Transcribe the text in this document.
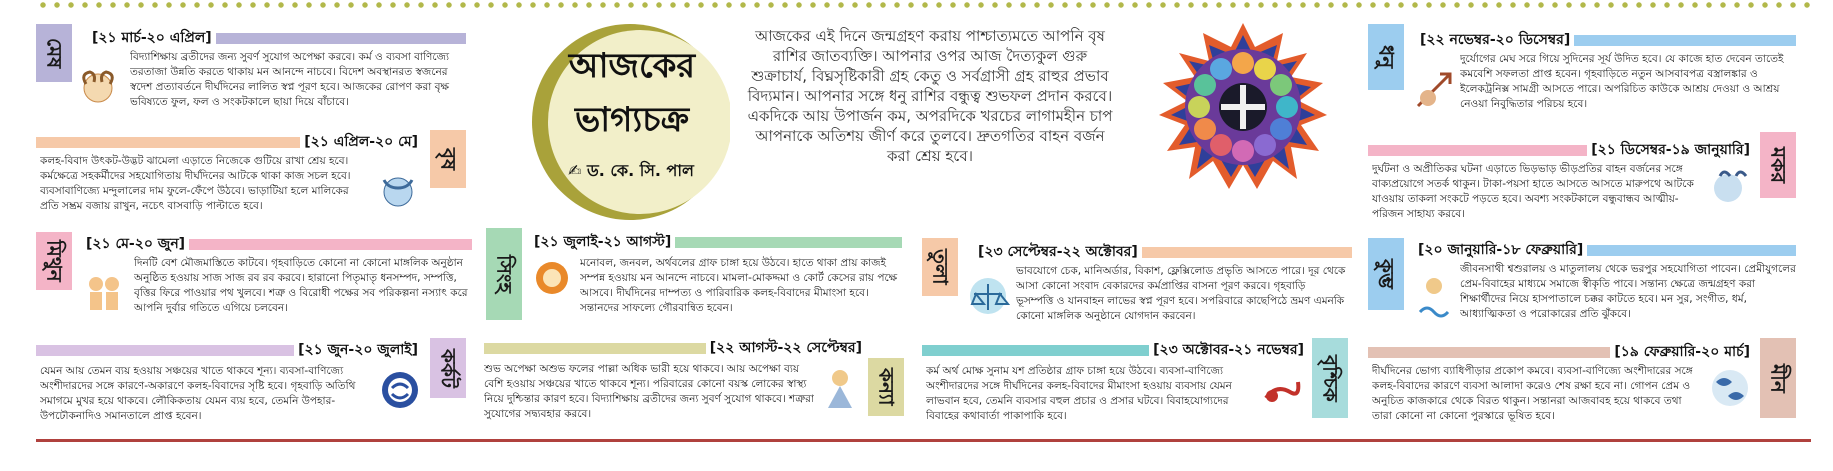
আজকের
ভাগ্যচক্র
✍ ড. কে. সি. পাল
আজকের এই দিনে জন্মগ্রহণ করায় পাশ্চাত্যমতে আপনি বৃষ রাশির জাতব্যক্তি। আপনার ওপর আজ দৈত্যকুল গুরু শুক্রাচার্য, বিঘ্নসৃষ্টিকারী গ্রহ কেতু ও সর্বগ্রাসী গ্রহ রাহুর প্রভাব বিদ্যমান। আপনার সঙ্গে ধনু রাশির বন্ধুত্ব শুভফল প্রদান করবে। একদিকে আয় উপার্জন কম, অপরদিকে খরচের লাগামহীন চাপ আপনাকে অতিশয় জীর্ণ করে তুলবে। দ্রুতগতির বাহন বর্জন করা শ্রেয় হবে।
মেষ [২১ মার্চ-২০ এপ্রিল]
বিদ্যাশিক্ষায় ব্রতীদের জন্য সুবর্ণ সুযোগ অপেক্ষা করবে। কর্ম ও ব্যবসা বাণিজ্যে তরতাজা উন্নতি করতে থাকায় মন আনন্দে নাচবে। বিদেশ অবস্থানরত স্বজনের স্বদেশ প্রত্যাবর্তনে দীর্ঘদিনের লালিত স্বপ্ন পূরণ হবে। আজকের রোপণ করা বৃক্ষ ভবিষ্যতে ফুল, ফল ও সংকটকালে ছায়া দিয়ে বাঁচাবে।
[২১ এপ্রিল-২০ মে]
বৃষ
কলহ-বিবাদ উৎকট-উদ্ভট ঝামেলা এড়াতে নিজেকে গুটিয়ে রাখা শ্রেয় হবে। কর্মক্ষেত্রে সহকর্মীদের সহযোগিতায় দীর্ঘদিনের আটকে থাকা কাজ সচল হবে। ব্যবসাবাণিজ্যে মন্দুলালের দাম ফুলে-ফেঁপে উঠবে। ভাড়াটিয়া হলে মালিকের প্রতি সম্ভ্রম বজায় রাখুন, নচেৎ বাসবাড়ি পাল্টাতে হবে।
মিথুন [২১ মে-২০ জুন]
দিনটি বেশ মৌজমাস্তিতে কাটবে। গৃহবাড়িতে কোনো না কোনো মাঙ্গলিক অনুষ্ঠান অনুষ্ঠিত হওয়ায় সাজ সাজ রব রব করবে। হারানো পিতৃমাতৃ ধনসম্পদ, সম্পত্তি, বৃত্তির ফিরে পাওয়ার পথ খুলবে। শত্রু ও বিরোধী পক্ষের সব পরিকল্পনা নস্যাৎ করে আপনি দুর্বার গতিতে এগিয়ে চলবেন।
[২১ জুন-২০ জুলাই] কর্কট
যেমন আয় তেমন ব্যয় হওয়ায় সঞ্চয়ের খাতে থাকবে শূন্য। ব্যবসা-বাণিজ্যে অংশীদারদের সঙ্গে কারণে-অকারণে কলহ-বিবাদের সৃষ্টি হবে। গৃহবাড়ি অতিথি সমাগমে মুখর হয়ে থাকবে। লৌকিকতায় যেমন ব্যয় হবে, তেমনি উপহার-উপঢৌকনাদিও সমানতালে প্রাপ্ত হবেন।
সিংহ
[২১ জুলাই-২১ আগস্ট]
মনোবল, জনবল, অর্থবলের গ্রাফ চাঙ্গা হয়ে উঠবে। হাতে থাকা প্রায় কাজই সম্পন্ন হওয়ায় মন আনন্দে নাচবে। মামলা-মোকদ্দমা ও কোর্ট কেসের রায় পক্ষে আসবে। দীর্ঘদিনের দাম্পত্য ও পারিবারিক কলহ-বিবাদের মীমাংসা হবে। সন্তানদের সাফল্যে গৌরবান্বিত হবেন।
[২২ আগস্ট-২২ সেপ্টেম্বর]
কন্যা
শুভ অপেক্ষা অশুভ ফলের পাল্লা অধিক ভারী হয়ে থাকবে। আয় অপেক্ষা ব্যয় বেশি হওয়ায় সঞ্চয়ের খাতে থাকবে শূন্য। পরিবারের কোনো বয়স্ক লোকের স্বাস্থ্য নিয়ে দুশ্চিন্তার কারণ হবে। বিদ্যাশিক্ষায় ব্রতীদের জন্য সুবর্ণ সুযোগ থাকবে। শত্রুরা সুযোগের সদ্ব্যবহার করবে।
তুলা [২৩ সেপ্টেম্বর-২২ অক্টোবর]
ভাবযোগে চেক, মানিঅর্ডার, বিকাশ, ফ্লেক্সিলোড প্রভৃতি আসতে পারে। দূর থেকে আসা কোনো সংবাদ বেকারদের কর্মপ্রাপ্তির বাসনা পূরণ করবে। গৃহবাড়ি ভূসম্পত্তি ও যানবাহন লাভের স্বপ্ন পূরণ হবে। সপরিবারে কাছেপিঠে ভ্রমণ এমনকি কোনো মাঙ্গলিক অনুষ্ঠানে যোগদান করবেন।
[২৩ অক্টোবর-২১ নভেম্বর]
বৃশ্চিক
কর্ম অর্থ মোক্ষ সুনাম যশ প্রতিষ্ঠার গ্রাফ চাঙ্গা হয়ে উঠবে। ব্যবসা-বাণিজ্যে অংশীদারদের সঙ্গে দীর্ঘদিনের কলহ-বিবাদের মীমাংসা হওয়ায় ব্যবসায় যেমন লাভবান হবে, তেমনি ব্যবসার বহুল প্রচার ও প্রসার ঘটবে। বিবাহযোগ্যদের বিবাহের কথাবার্তা পাকাপাকি হবে।
ধনু
[২২ নভেম্বর-২০ ডিসেম্বর]
দুর্যোগের মেঘ সরে গিয়ে সুদিনের সূর্য উদিত হবে। যে কাজে হাত দেবেন তাতেই কমবেশি সফলতা প্রাপ্ত হবেন। গৃহবাড়িতে নতুন আসবাবপত্র বস্ত্রালঙ্কার ও ইলেকট্রনিক্স সামগ্রী আসতে পারে। অপরিচিত কাউকে আশ্রয় দেওয়া ও আশ্রয় নেওয়া নিবুদ্ধিতার পরিচয় হবে।
[২১ ডিসেম্বর-১৯ জানুয়ারি] মকর
দুর্ঘটনা ও অপ্রীতিকর ঘটনা এড়াতে ভিড়ভাড় ভীড়প্রতির বাহন বর্জনের সঙ্গে বাক্যপ্রয়োগে সতর্ক থাকুন। টাকা-পয়সা হাতে আসতে আসতে মারুপথে আটকে যাওয়ায় তাকলা সংকটে পড়তে হবে। অবশ্য সংকটকালে বন্ধুবান্ধব আত্মীয়-পরিজন সাহায্য করবে।
কুম্ভ
[২০ জানুয়ারি-১৮ ফেব্রুয়ারি]
জীবনসাথী শ্বশুরালয় ও মাতুলালয় থেকে ভরপুর সহযোগিতা পাবেন। প্রেমীযুগলের প্রেম-বিবাহের মাধ্যমে সমাজে স্বীকৃতি পাবে। সন্তান্য ক্ষেত্রে জন্মগ্রহণ করা শিক্ষার্থীদের নিয়ে হাসপাতালে চক্কর কাটতে হবে। মন সুর, সংগীত, ধর্ম, আধ্যাত্মিকতা ও পরোকারের প্রতি ঝুঁকবে।
[১৯ ফেব্রুয়ারি-২০ মার্চ]
মীন
দীর্ঘদিনের ভোগ্য ব্যাধিপীড়ার প্রকোপ কমবে। ব্যবসা-বাণিজ্যে অংশীদারের সঙ্গে কলহ-বিবাদের কারণে ব্যবসা আলাদা করেও শেষ রক্ষা হবে না। গোপন প্রেম ও অনুচিত কাজকারে থেকে বিরত থাকুন। সন্তানরা আজবাবহ হয়ে থাকবে তথা তারা কোনো না কোনো পুরস্কারে ভূষিত হবে।
